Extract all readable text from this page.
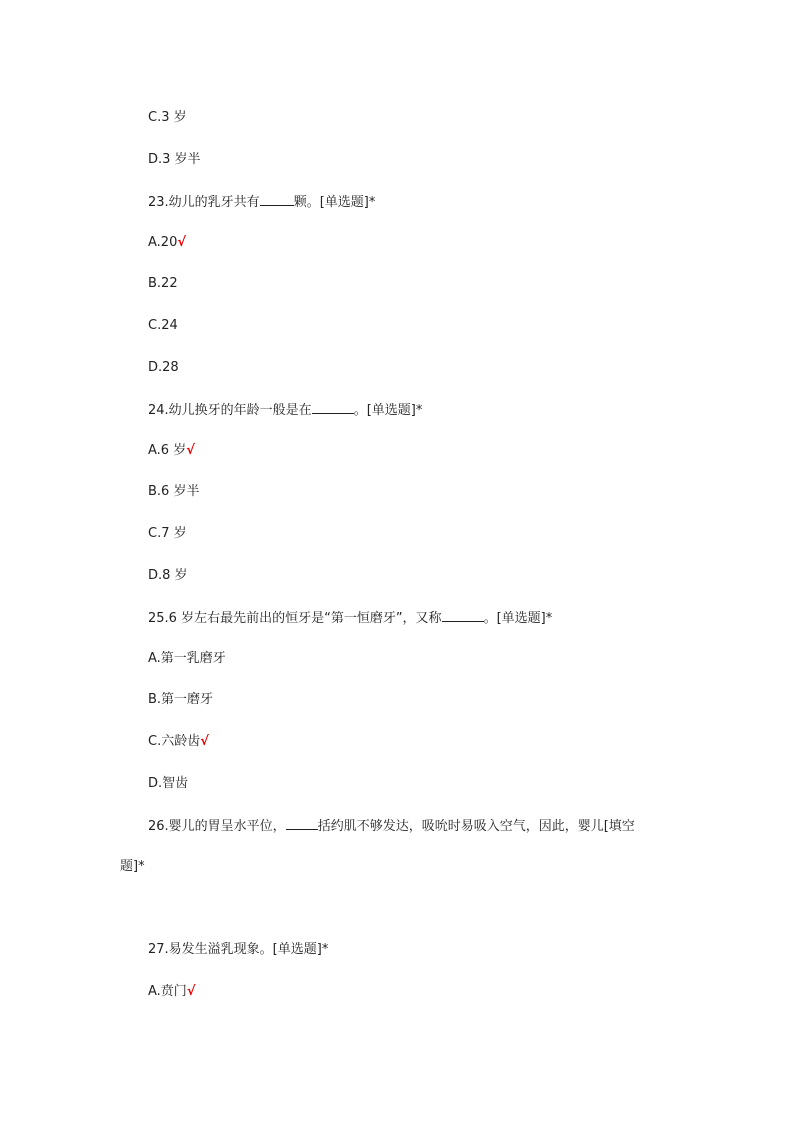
C.3 岁
D.3 岁半
23.幼儿的乳牙共有	颗。[单选题]*
A.20√
B.22
C.24
D.28
24.幼儿换牙的年龄一般是在	。[单选题]*
A.6 岁√
B.6 岁半
C.7 岁
D.8 岁
25.6 岁左右最先前出的恒牙是“第一恒磨牙”，又称	。[单选题]*
A.第一乳磨牙
B.第一磨牙
C.六龄齿√
D.智齿
26.婴儿的胃呈水平位， 括约肌不够发达，吸吮时易吸入空气，因此，婴儿[填空
题]*
27.易发生溢乳现象。[单选题]*
A.贲门√
